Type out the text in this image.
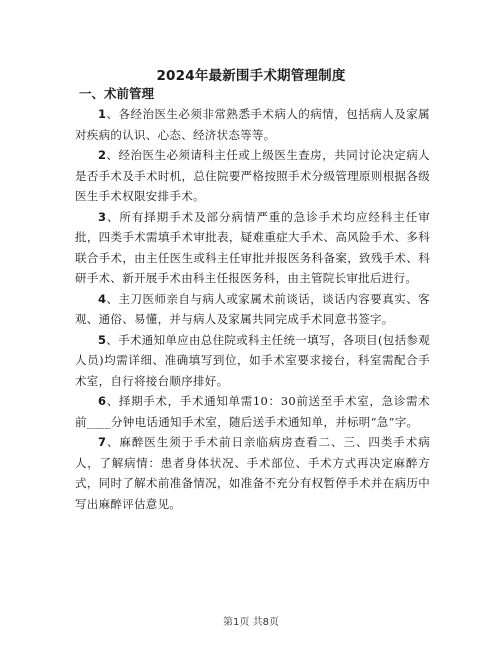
2024年最新围手术期管理制度
一、术前管理

1、各经治医生必须非常熟悉手术病人的病情，包括病人及家属对疾病的认识、心态、经济状态等等。

2、经治医生必须请科主任或上级医生查房，共同讨论决定病人是否手术及手术时机，总住院要严格按照手术分级管理原则根据各级医生手术权限安排手术。

3、所有择期手术及部分病情严重的急诊手术均应经科主任审批，四类手术需填手术审批表，疑难重症大手术、高风险手术、多科联合手术，由主任医生或科主任审批并报医务科备案，致残手术、科研手术、新开展手术由科主任报医务科，由主管院长审批后进行。

4、主刀医师亲自与病人或家属术前谈话，谈话内容要真实、客观、通俗、易懂，并与病人及家属共同完成手术同意书签字。

5、手术通知单应由总住院或科主任统一填写，各项目(包括参观人员)均需详细、准确填写到位，如手术室要求接台，科室需配合手术室，自行将接台顺序排好。

6、择期手术，手术通知单需10：30前送至手术室，急诊需术前____分钟电话通知手术室，随后送手术通知单，并标明“急”字。

7、麻醉医生须于手术前日亲临病房查看二、三、四类手术病人，了解病情：患者身体状况、手术部位、手术方式再决定麻醉方式，同时了解术前准备情况，如准备不充分有权暂停手术并在病历中写出麻醉评估意见。

第1页 共8页
